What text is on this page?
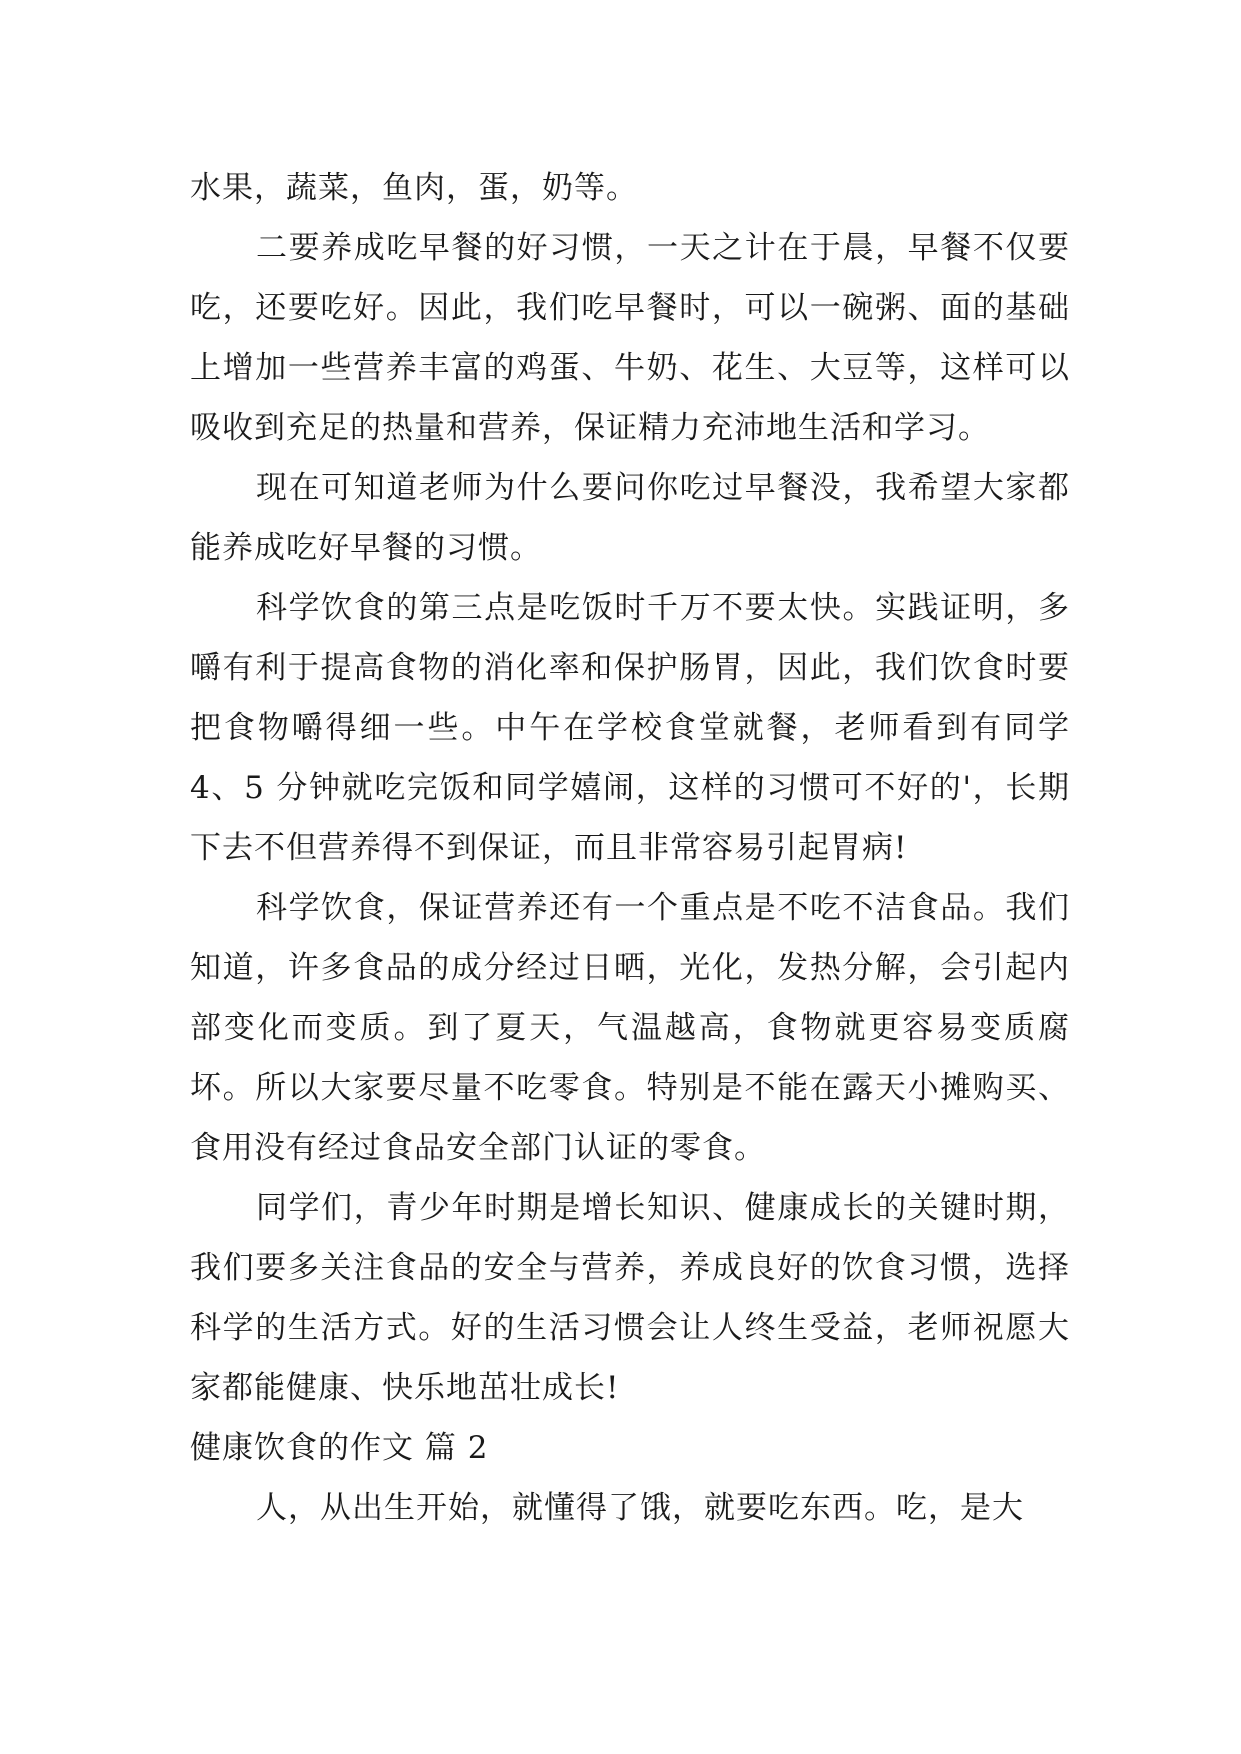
水果，蔬菜，鱼肉，蛋，奶等。

二要养成吃早餐的好习惯，一天之计在于晨，早餐不仅要吃，还要吃好。因此，我们吃早餐时，可以一碗粥、面的基础上增加一些营养丰富的鸡蛋、牛奶、花生、大豆等，这样可以吸收到充足的热量和营养，保证精力充沛地生活和学习。

现在可知道老师为什么要问你吃过早餐没，我希望大家都能养成吃好早餐的习惯。

科学饮食的第三点是吃饭时千万不要太快。实践证明，多嚼有利于提高食物的消化率和保护肠胃，因此，我们饮食时要把食物嚼得细一些。中午在学校食堂就餐，老师看到有同学 4、5 分钟就吃完饭和同学嬉闹，这样的习惯可不好的'，长期下去不但营养得不到保证，而且非常容易引起胃病!

科学饮食，保证营养还有一个重点是不吃不洁食品。我们知道，许多食品的成分经过日晒，光化，发热分解，会引起内部变化而变质。到了夏天，气温越高，食物就更容易变质腐坏。所以大家要尽量不吃零食。特别是不能在露天小摊购买、食用没有经过食品安全部门认证的零食。

同学们，青少年时期是增长知识、健康成长的关键时期，我们要多关注食品的安全与营养，养成良好的饮食习惯，选择科学的生活方式。好的生活习惯会让人终生受益，老师祝愿大家都能健康、快乐地茁壮成长!

健康饮食的作文 篇 2

人，从出生开始，就懂得了饿，就要吃东西。吃，是大
